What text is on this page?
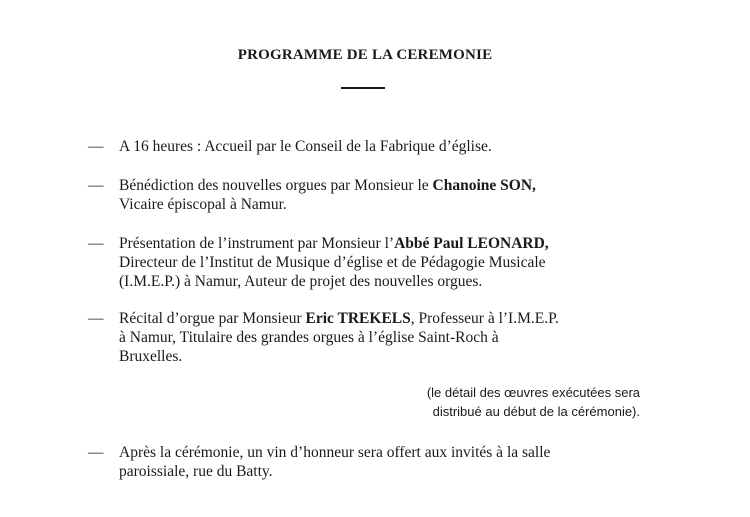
PROGRAMME DE LA CEREMONIE
—	A 16 heures : Accueil par le Conseil de la Fabrique d’église.
—	Bénédiction des nouvelles orgues par Monsieur le Chanoine SON,
Vicaire épiscopal à Namur.
—	Présentation de l’instrument par Monsieur l’Abbé Paul LEONARD,
Directeur de l’Institut de Musique d’église et de Pédagogie Musicale
(I.M.E.P.) à Namur, Auteur de projet des nouvelles orgues.
—	Récital d’orgue par Monsieur Eric TREKELS, Professeur à l’I.M.E.P.
à Namur, Titulaire des grandes orgues à l’église Saint-Roch à
Bruxelles.
(le détail des œuvres exécutées sera
distribué au début de la cérémonie).
—	Après la cérémonie, un vin d’honneur sera offert aux invités à la salle
paroissiale, rue du Batty.
